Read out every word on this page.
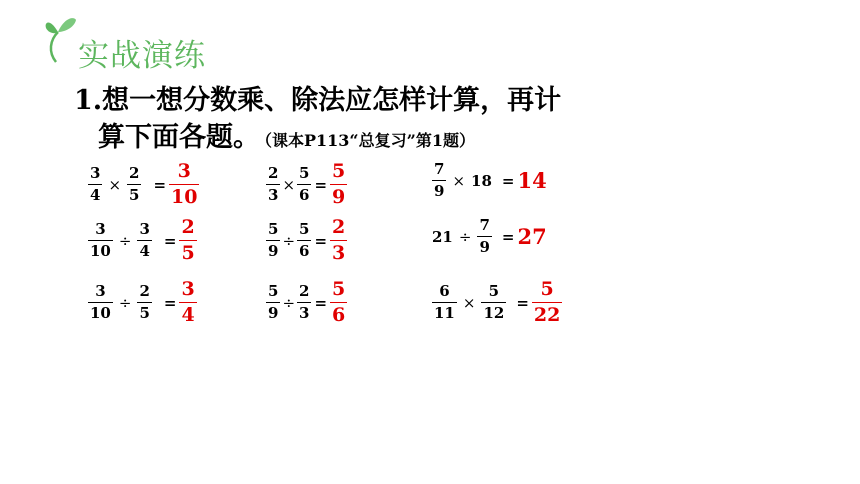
实战演练
1.想一想分数乘、除法应怎样计算，再计
算下面各题。 （课本P113“总复习”第1题）
$\frac{3}{4} \times \frac{2}{5} = \frac{3}{10}$
$\frac{3}{10} \div \frac{3}{4} = \frac{2}{5}$
$\frac{3}{10} \div \frac{2}{5} = \frac{3}{4}$
$\frac{2}{3} \times \frac{5}{6} = \frac{5}{9}$
$\frac{5}{9} \div \frac{5}{6} = \frac{2}{3}$
$\frac{5}{9} \div \frac{2}{3} = \frac{5}{6}$
$\frac{7}{9} \times 18 = 14$
$21 \div \frac{7}{9} = 27$
$\frac{6}{11} \times \frac{5}{12} = \frac{5}{22}$
